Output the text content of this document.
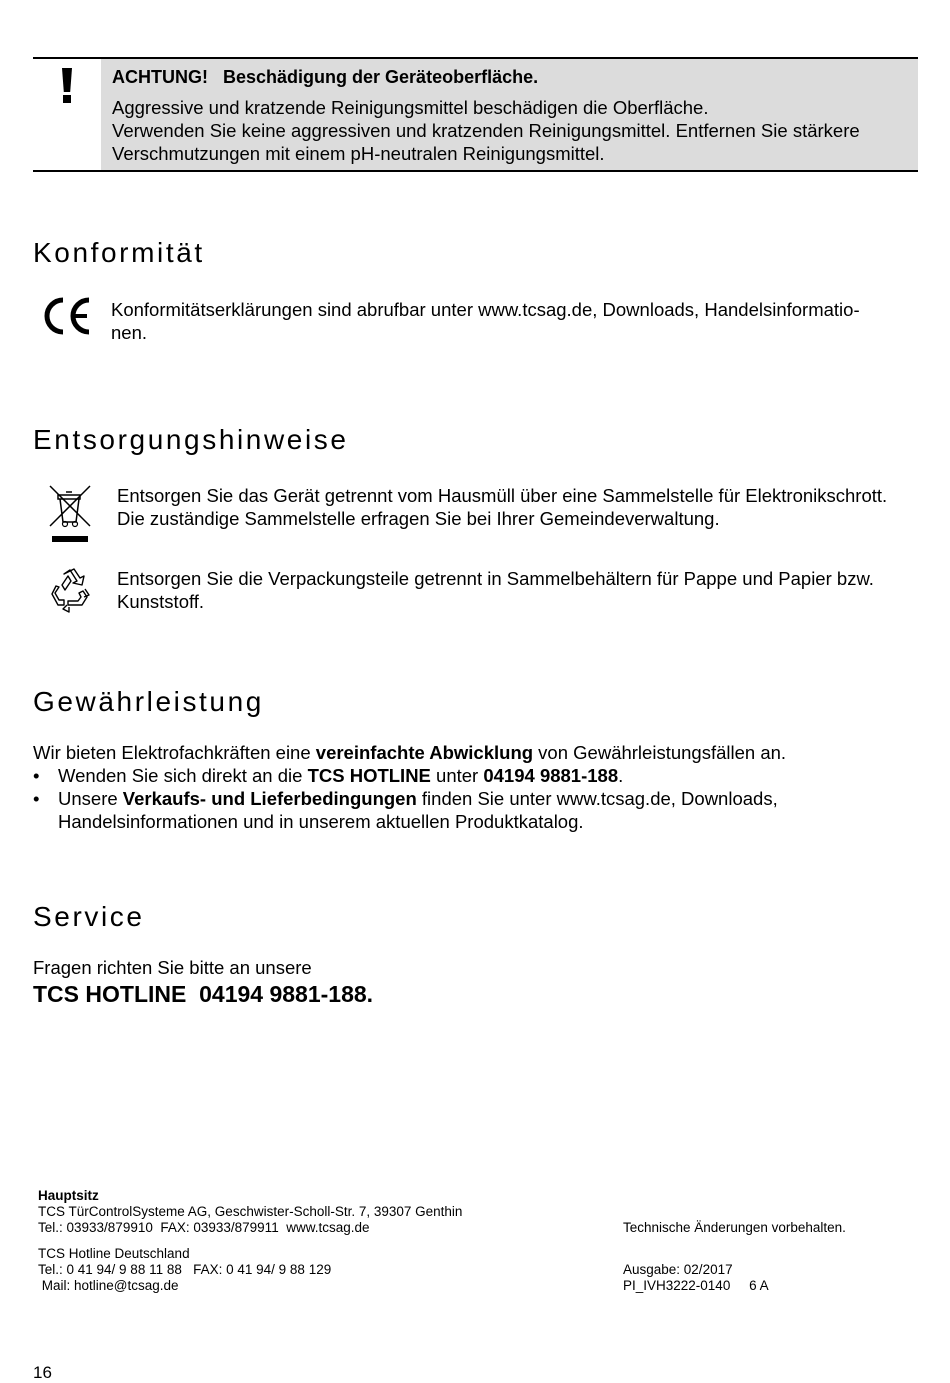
ACHTUNG! Beschädigung der Geräteoberfläche.
Aggressive und kratzende Reinigungsmittel beschädigen die Oberfläche.
Verwenden Sie keine aggressiven und kratzenden Reinigungsmittel. Entfernen Sie stärkere
Verschmutzungen mit einem pH-neutralen Reinigungsmittel.
Konformität
Konformitätserklärungen sind abrufbar unter www.tcsag.de, Downloads, Handelsinformatio-
nen.
Entsorgungshinweise
Entsorgen Sie das Gerät getrennt vom Hausmüll über eine Sammelstelle für Elektronikschrott.
Die zuständige Sammelstelle erfragen Sie bei Ihrer Gemeindeverwaltung.
Entsorgen Sie die Verpackungsteile getrennt in Sammelbehältern für Pappe und Papier bzw.
Kunststoff.
Gewährleistung
Wir bieten Elektrofachkräften eine vereinfachte Abwicklung von Gewährleistungsfällen an.
• Wenden Sie sich direkt an die TCS HOTLINE unter 04194 9881-188.
• Unsere Verkaufs- und Lieferbedingungen finden Sie unter www.tcsag.de, Downloads,
Handelsinformationen und in unserem aktuellen Produktkatalog.
Service
Fragen richten Sie bitte an unsere
TCS HOTLINE  04194 9881-188.
Hauptsitz
TCS TürControlSysteme AG, Geschwister-Scholl-Str. 7, 39307 Genthin
Tel.: 03933/879910  FAX: 03933/879911  www.tcsag.de	Technische Änderungen vorbehalten.
TCS Hotline Deutschland
Tel.: 0 41 94/ 9 88 11 88   FAX: 0 41 94/ 9 88 129
Mail: hotline@tcsag.de
Ausgabe: 02/2017
PI_IVH3222-0140     6 A
16
